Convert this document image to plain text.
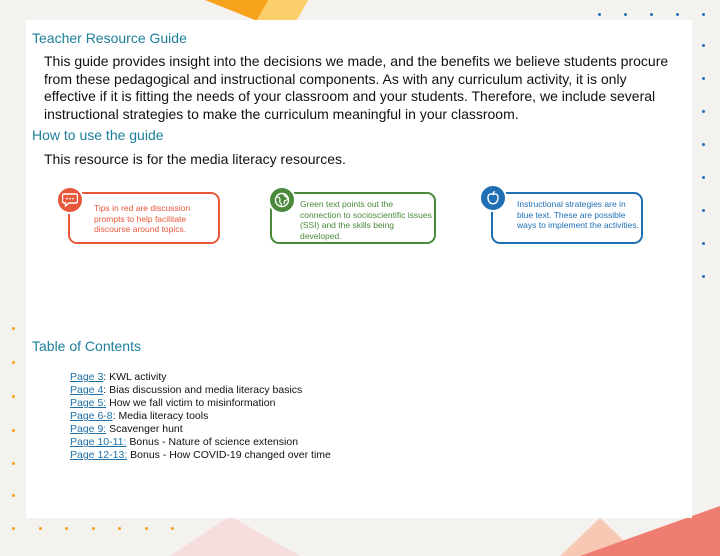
Teacher Resource Guide
This guide provides insight into the decisions we made, and the benefits we believe students procure from these pedagogical and instructional components. As with any curriculum activity, it is only effective if it is fitting the needs of your classroom and your students. Therefore, we include several instructional strategies to make the curriculum meaningful in your classroom.
How to use the guide
This resource is for the media literacy resources.
Tips in red are discussion prompts to help facilitate discourse around topics.
Green text points out the connection to socioscientific issues (SSI) and the skills being developed.
Instructional strategies are in blue text. These are possible ways to implement the activities.
Table of Contents
Page 3: KWL activity
Page 4: Bias discussion and media literacy basics
Page 5: How we fall victim to misinformation
Page 6-8: Media literacy tools
Page 9: Scavenger hunt
Page 10-11: Bonus - Nature of science extension
Page 12-13: Bonus - How COVID-19 changed over time
